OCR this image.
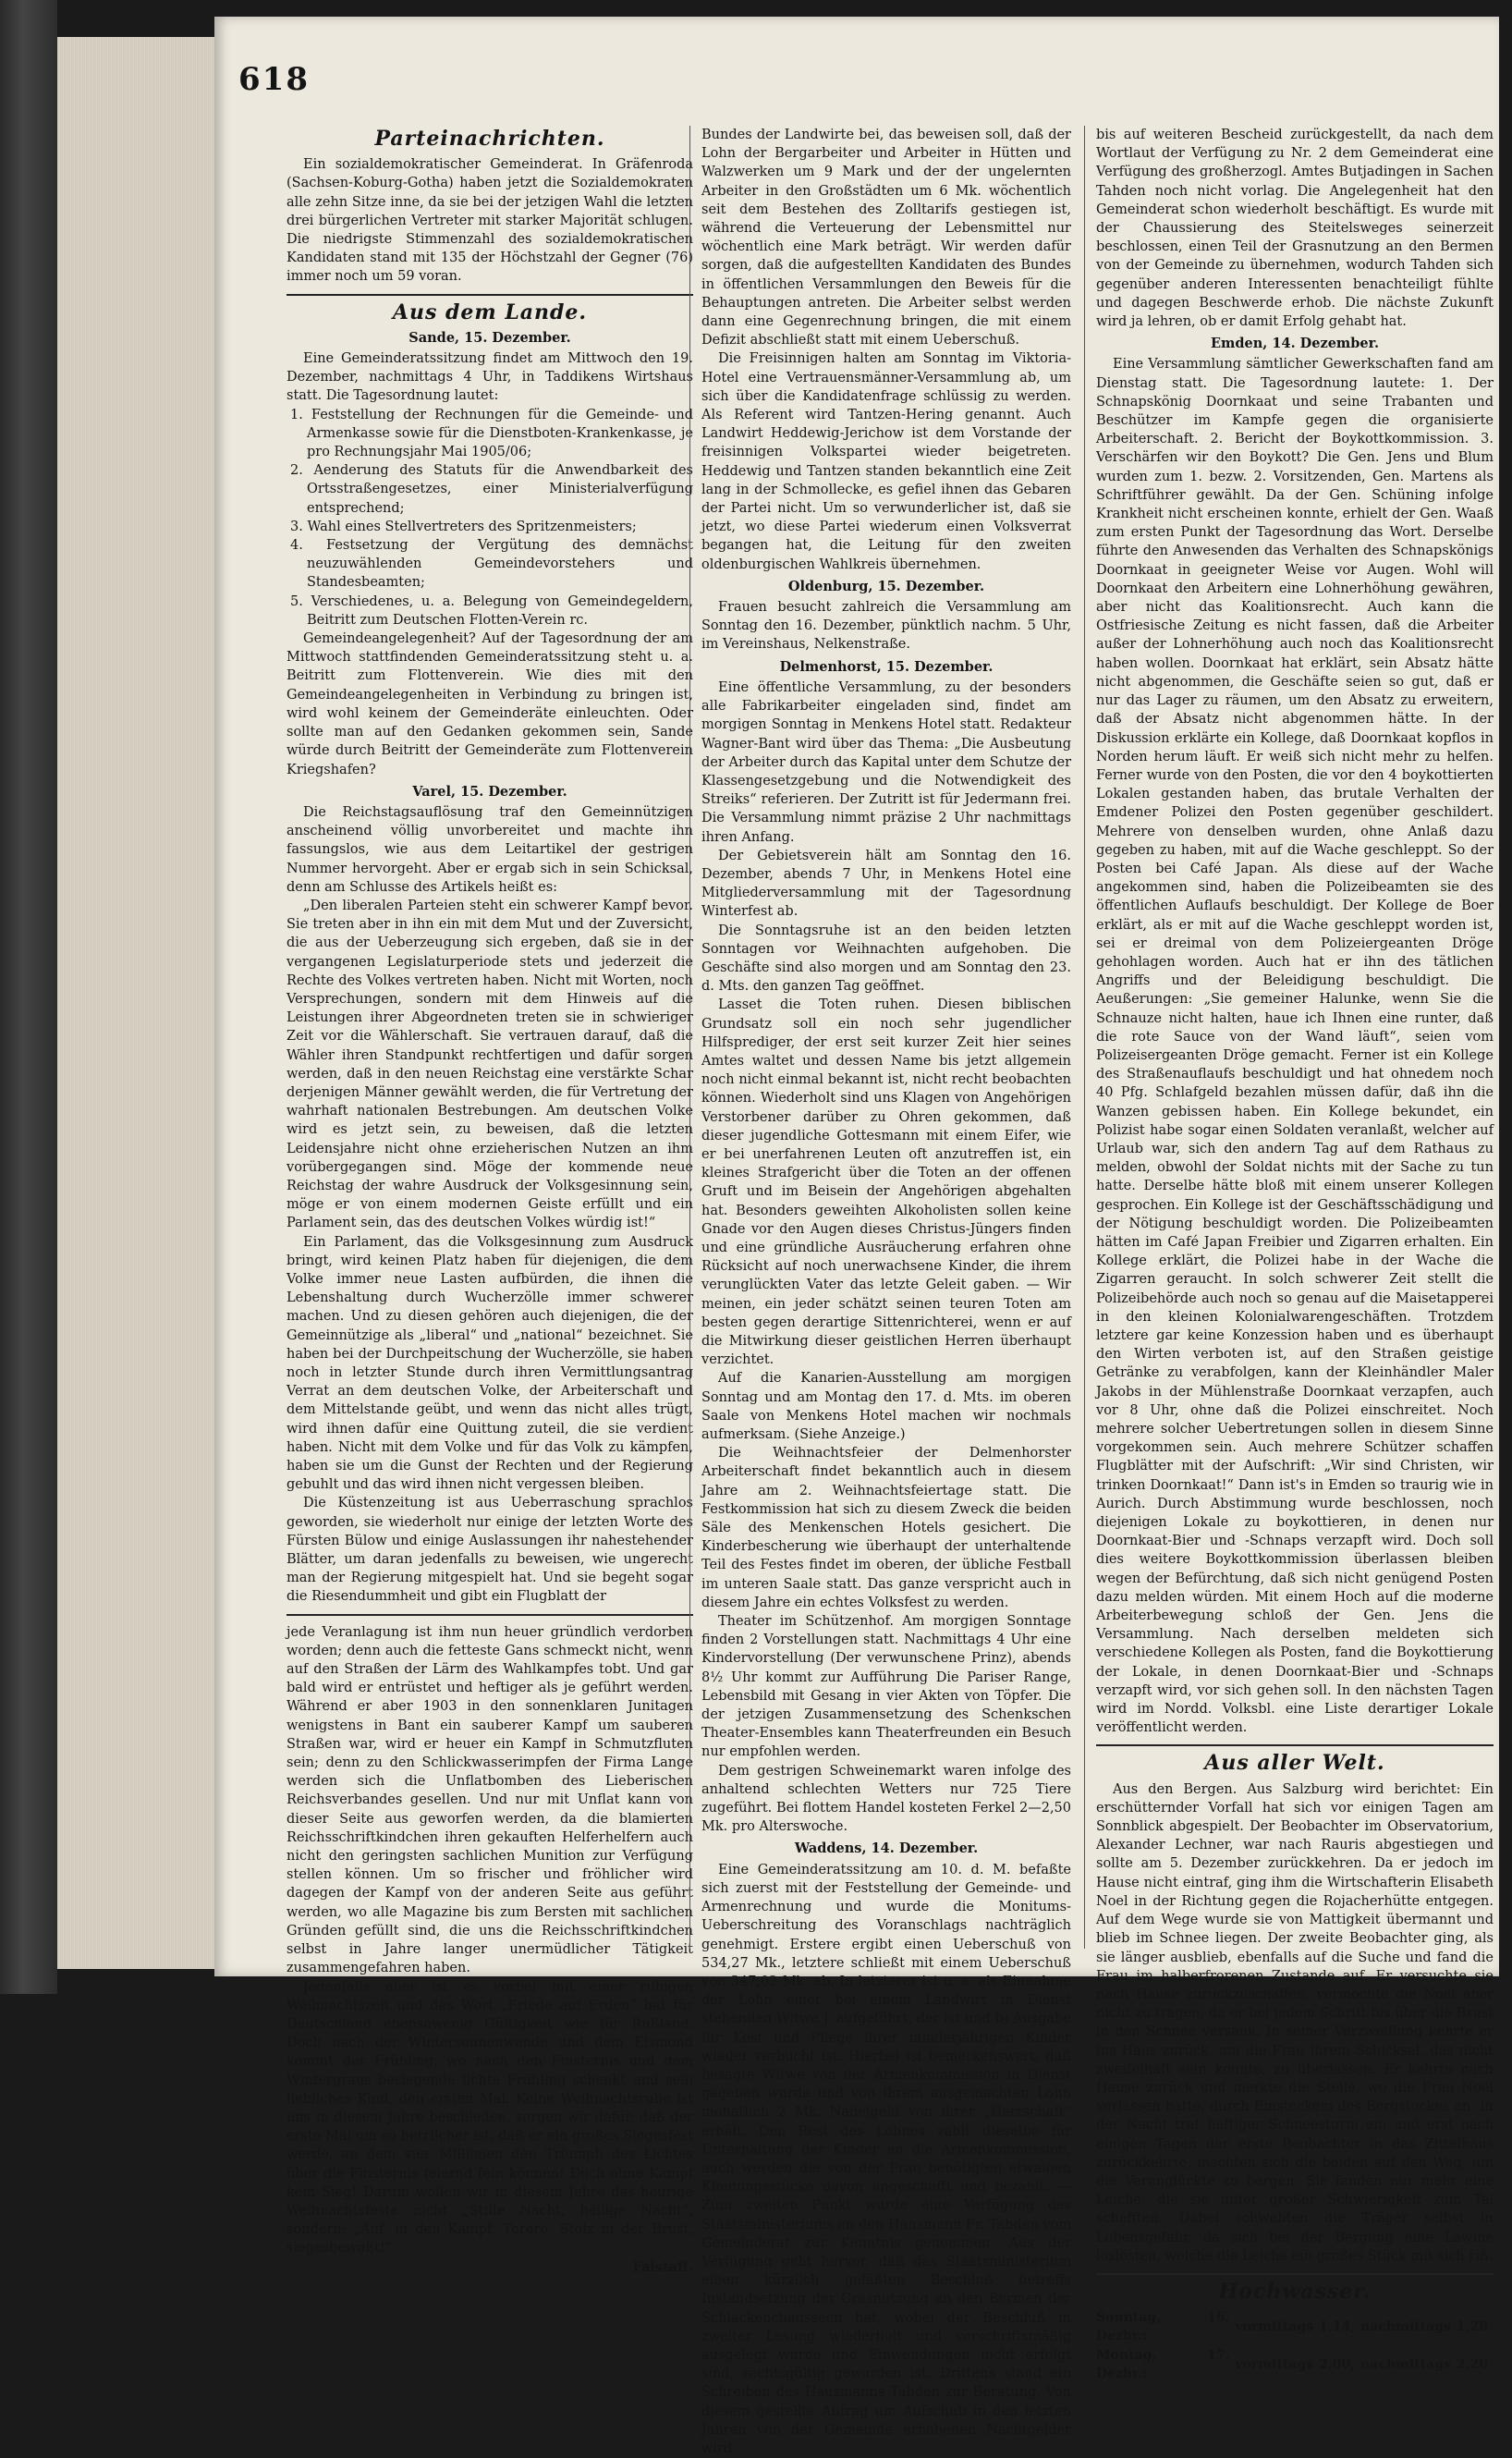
618
Parteinachrichten.

Ein sozialdemokratischer Gemeinderat. In Gräfenroda (Sachsen-Koburg-Gotha) haben jetzt die Sozialdemokraten alle zehn Sitze inne, da sie bei der jetzigen Wahl die letzten drei bürgerlichen Vertreter mit starker Majorität schlugen. Die niedrigste Stimmenzahl des sozialdemokratischen Kandidaten stand mit 135 der Höchstzahl der Gegner (76) immer noch um 59 voran.

Aus dem Lande.
Sande, 15. Dezember.

Eine Gemeinderatssitzung findet am Mittwoch den 19. Dezember, nachmittags 4 Uhr, in Taddikens Wirtshaus statt. Die Tagesordnung lautet:

1. Feststellung der Rechnungen für die Gemeinde- und Armenkasse sowie für die Dienstboten-Krankenkasse, je pro Rechnungsjahr Mai 1905/06;
2. Aenderung des Statuts für die Anwendbarkeit des Ortsstraßengesetzes, einer Ministerialverfügung entsprechend;
3. Wahl eines Stellvertreters des Spritzenmeisters;
4. Festsetzung der Vergütung des demnächst neuzuwählenden Gemeindevorstehers und Standesbeamten;
5. Verschiedenes, u. a. Belegung von Gemeindegeldern, Beitritt zum Deutschen Flotten-Verein rc.

Gemeindeangelegenheit? Auf der Tagesordnung der am Mittwoch stattfindenden Gemeinderatssitzung steht u. a. Beitritt zum Flottenverein. Wie dies mit den Gemeindeangelegenheiten in Verbindung zu bringen ist, wird wohl keinem der Gemeinderäte einleuchten. Oder sollte man auf den Gedanken gekommen sein, Sande würde durch Beitritt der Gemeinderäte zum Flottenverein Kriegshafen?

Varel, 15. Dezember.

Die Reichstagsauflösung traf den Gemeinnützigen anscheinend völlig unvorbereitet und machte ihn fassungslos, wie aus dem Leitartikel der gestrigen Nummer hervorgeht. Aber er ergab sich in sein Schicksal, denn am Schlusse des Artikels heißt es:

„Den liberalen Parteien steht ein schwerer Kampf bevor. Sie treten aber in ihn ein mit dem Mut und der Zuversicht, die aus der Ueberzeugung sich ergeben, daß sie in der vergangenen Legislaturperiode stets und jederzeit die Rechte des Volkes vertreten haben. Nicht mit Worten, noch Versprechungen, sondern mit dem Hinweis auf die Leistungen ihrer Abgeordneten treten sie in schwieriger Zeit vor die Wählerschaft. Sie vertrauen darauf, daß die Wähler ihren Standpunkt rechtfertigen und dafür sorgen werden, daß in den neuen Reichstag eine verstärkte Schar derjenigen Männer gewählt werden, die für Vertretung der wahrhaft nationalen Bestrebungen. Am deutschen Volke wird es jetzt sein, zu beweisen, daß die letzten Leidensjahre nicht ohne erzieherischen Nutzen an ihm vorübergegangen sind. Möge der kommende neue Reichstag der wahre Ausdruck der Volksgesinnung sein, möge er von einem modernen Geiste erfüllt und ein Parlament sein, das des deutschen Volkes würdig ist!“

Ein Parlament, das die Volksgesinnung zum Ausdruck bringt, wird keinen Platz haben für diejenigen, die dem Volke immer neue Lasten aufbürden, die ihnen die Lebenshaltung durch Wucherzölle immer schwerer machen. Und zu diesen gehören auch diejenigen, die der Gemeinnützige als „liberal“ und „national“ bezeichnet. Sie haben bei der Durchpeitschung der Wucherzölle, sie haben noch in letzter Stunde durch ihren Vermittlungsantrag Verrat an dem deutschen Volke, der Arbeiterschaft und dem Mittelstande geübt, und wenn das nicht alles trügt, wird ihnen dafür eine Quittung zuteil, die sie verdient haben. Nicht mit dem Volke und für das Volk zu kämpfen, haben sie um die Gunst der Rechten und der Regierung gebuhlt und das wird ihnen nicht vergessen bleiben.

Die Küstenzeitung ist aus Ueberraschung sprachlos geworden, sie wiederholt nur einige der letzten Worte des Fürsten Bülow und einige Auslassungen ihr nahestehender Blätter, um daran jedenfalls zu beweisen, wie ungerecht man der Regierung mitgespielt hat. Und sie begeht sogar die Riesendummheit und gibt ein Flugblatt der

jede Veranlagung ist ihm nun heuer gründlich verdorben worden; denn auch die fetteste Gans schmeckt nicht, wenn auf den Straßen der Lärm des Wahlkampfes tobt. Und gar bald wird er entrüstet und heftiger als je geführt werden. Während er aber 1903 in den sonnenklaren Junitagen wenigstens in Bant ein sauberer Kampf um sauberen Straßen war, wird er heuer ein Kampf in Schmutzfluten sein; denn zu den Schlickwasserimpfen der Firma Lange werden sich die Unflatbomben des Lieberischen Reichsverbandes gesellen. Und nur mit Unflat kann von dieser Seite aus geworfen werden, da die blamierten Reichsschriftkindchen ihren gekauften Helferhelfern auch nicht den geringsten sachlichen Munition zur Verfügung stellen können. Um so frischer und fröhlicher wird dagegen der Kampf von der anderen Seite aus geführt werden, wo alle Magazine bis zum Bersten mit sachlichen Gründen gefüllt sind, die uns die Reichsschriftkindchen selbst in Jahre langer unermüdlicher Tätigkeit zusammengefahren haben.

Jedenfalls aber ist es vorbei mit einer ruhigen Weihnachtszeit und das Wort „Friede auf Erden“ hat für Deutschland ebensowenig Gültigkeit wie für Rußland. Doch nach der Wintersonnenwende und dem Eismond kommt der Frühling, wo nach den Finsternis und dem Wintergraus besiegende lichte Frühling schenkt und sein liebliches Kind, den ersten Mai. Keine Weihnachtsruhe ist uns in diesem Jahre beschieden, sorgen wir dafür, daß der erste Mai um so herrlicher ist, daß er ein großes Siegesfest werde, an dem vier Millionen den Triumph des Lichtes über die Finsternis feiernd fein können! Doch ohne Kampf kein Sieg! Darum wollen wir in diesem Jahre das heurige Weihnachtsfeste nicht „Stille Nacht, heilige Nacht“, sondern: „Auf, in den Kampf, Torero, Stolz in der Brust, siegesbewußt!“

Falstaff.

Bundes der Landwirte bei, das beweisen soll, daß der Lohn der Bergarbeiter und Arbeiter in Hütten und Walzwerken um 9 Mark und der der ungelernten Arbeiter in den Großstädten um 6 Mk. wöchentlich seit dem Bestehen des Zolltarifs gestiegen ist, während die Verteuerung der Lebensmittel nur wöchentlich eine Mark beträgt. Wir werden dafür sorgen, daß die aufgestellten Kandidaten des Bundes in öffentlichen Versammlungen den Beweis für die Behauptungen antreten. Die Arbeiter selbst werden dann eine Gegenrechnung bringen, die mit einem Defizit abschließt statt mit einem Ueberschuß.

Die Freisinnigen halten am Sonntag im Viktoria-Hotel eine Vertrauensmänner-Versammlung ab, um sich über die Kandidatenfrage schlüssig zu werden. Als Referent wird Tantzen-Hering genannt. Auch Landwirt Heddewig-Jerichow ist dem Vorstande der freisinnigen Volkspartei wieder beigetreten. Heddewig und Tantzen standen bekanntlich eine Zeit lang in der Schmollecke, es gefiel ihnen das Gebaren der Partei nicht. Um so verwunderlicher ist, daß sie jetzt, wo diese Partei wiederum einen Volksverrat begangen hat, die Leitung für den zweiten oldenburgischen Wahlkreis übernehmen.

Oldenburg, 15. Dezember.

Frauen besucht zahlreich die Versammlung am Sonntag den 16. Dezember, pünktlich nachm. 5 Uhr, im Vereinshaus, Nelkenstraße.

Delmenhorst, 15. Dezember.

Eine öffentliche Versammlung, zu der besonders alle Fabrikarbeiter eingeladen sind, findet am morgigen Sonntag in Menkens Hotel statt. Redakteur Wagner-Bant wird über das Thema: „Die Ausbeutung der Arbeiter durch das Kapital unter dem Schutze der Klassengesetzgebung und die Notwendigkeit des Streiks“ referieren. Der Zutritt ist für Jedermann frei. Die Versammlung nimmt präzise 2 Uhr nachmittags ihren Anfang.

Der Gebietsverein hält am Sonntag den 16. Dezember, abends 7 Uhr, in Menkens Hotel eine Mitgliederversammlung mit der Tagesordnung Winterfest ab.

Die Sonntagsruhe ist an den beiden letzten Sonntagen vor Weihnachten aufgehoben. Die Geschäfte sind also morgen und am Sonntag den 23. d. Mts. den ganzen Tag geöffnet.

Lasset die Toten ruhen. Diesen biblischen Grundsatz soll ein noch sehr jugendlicher Hilfsprediger, der erst seit kurzer Zeit hier seines Amtes waltet und dessen Name bis jetzt allgemein noch nicht einmal bekannt ist, nicht recht beobachten können. Wiederholt sind uns Klagen von Angehörigen Verstorbener darüber zu Ohren gekommen, daß dieser jugendliche Gottesmann mit einem Eifer, wie er bei unerfahrenen Leuten oft anzutreffen ist, ein kleines Strafgericht über die Toten an der offenen Gruft und im Beisein der Angehörigen abgehalten hat. Besonders geweihten Alkoholisten sollen keine Gnade vor den Augen dieses Christus-Jüngers finden und eine gründliche Ausräucherung erfahren ohne Rücksicht auf noch unerwachsene Kinder, die ihrem verunglückten Vater das letzte Geleit gaben. — Wir meinen, ein jeder schätzt seinen teuren Toten am besten gegen derartige Sittenrichterei, wenn er auf die Mitwirkung dieser geistlichen Herren überhaupt verzichtet.

Auf die Kanarien-Ausstellung am morgigen Sonntag und am Montag den 17. d. Mts. im oberen Saale von Menkens Hotel machen wir nochmals aufmerksam. (Siehe Anzeige.)

Die Weihnachtsfeier der Delmenhorster Arbeiterschaft findet bekanntlich auch in diesem Jahre am 2. Weihnachtsfeiertage statt. Die Festkommission hat sich zu diesem Zweck die beiden Säle des Menkenschen Hotels gesichert. Die Kinderbescherung wie überhaupt der unterhaltende Teil des Festes findet im oberen, der übliche Festball im unteren Saale statt. Das ganze verspricht auch in diesem Jahre ein echtes Volksfest zu werden.

Theater im Schützenhof. Am morgigen Sonntage finden 2 Vorstellungen statt. Nachmittags 4 Uhr eine Kindervorstellung (Der verwunschene Prinz), abends 8½ Uhr kommt zur Aufführung Die Pariser Range, Lebensbild mit Gesang in vier Akten von Töpfer. Die der jetzigen Zusammensetzung des Schenkschen Theater-Ensembles kann Theaterfreunden ein Besuch nur empfohlen werden.

Dem gestrigen Schweinemarkt waren infolge des anhaltend schlechten Wetters nur 725 Tiere zugeführt. Bei flottem Handel kosteten Ferkel 2—2,50 Mk. pro Alterswoche.

Waddens, 14. Dezember.

Eine Gemeinderatssitzung am 10. d. M. befaßte sich zuerst mit der Feststellung der Gemeinde- und Armenrechnung und wurde die Monitums-Ueberschreitung des Voranschlags nachträglich genehmigt. Erstere ergibt einen Ueberschuß von 534,27 Mk., letztere schließt mit einem Ueberschuß von 347,02 Mk. ab. In letzterer ist u. a. als Einnahme der Lohn einer bei einem Landwirt in Dienst stehenden Witwe J. aufgeführt, der ist und b) Ausgabe für Kost und Pflege ihrer minderjährigen Kinder wieder verbucht ist. Hierbei ist bemerkenswert, daß besagte Witwe von der Armenkommission in Dienst gegeben wurde und von ihrem ausgemachten Lohn monatlich 2 Mk. Nadelgeld von ihrer „Herrschaft“ erhält. Den Rest des Lohnes zahlt dieselbe für Unterhaltung der Kinder an die Armenkommission, auch werden die von der Frau benötigten etwaigen Kleidungsstücke davon angeschafft und bezahlt. — Zum zweiten Punkt wurde eine Verfügung des Staatsministeriums an den Hausmann Fr. Tahden vom Gemeinderat zur Kenntnis genommen. Aus der Verfügung geht hervor, daß das Staatsministerium einen kürzlich gefaßten Beschluß betreffs Instandsetzung der Grasnutzung an den Bermen der Schlackenchausseen hat, wobei der Beschluß in zweiter Lesung wiederholt und vorschriftsmäßig ausgelegt wurde und Einwendungen nicht erfolgt sind, rechtsgültig geworden ist. Drittens stand ein Schreiben des Hausmanns Tahden zur Beratung. Von diesem gestellte Antrag um Aufschub in den letzten Jahren von der Gemeinde erhobenen Nachtgelder wird

bis auf weiteren Bescheid zurückgestellt, da nach dem Wortlaut der Verfügung zu Nr. 2 dem Gemeinderat eine Verfügung des großherzogl. Amtes Butjadingen in Sachen Tahden noch nicht vorlag. Die Angelegenheit hat den Gemeinderat schon wiederholt beschäftigt. Es wurde mit der Chaussierung des Steitelsweges seinerzeit beschlossen, einen Teil der Grasnutzung an den Bermen von der Gemeinde zu übernehmen, wodurch Tahden sich gegenüber anderen Interessenten benachteiligt fühlte und dagegen Beschwerde erhob. Die nächste Zukunft wird ja lehren, ob er damit Erfolg gehabt hat.

Emden, 14. Dezember.

Eine Versammlung sämtlicher Gewerkschaften fand am Dienstag statt. Die Tagesordnung lautete: 1. Der Schnapskönig Doornkaat und seine Trabanten und Beschützer im Kampfe gegen die organisierte Arbeiterschaft. 2. Bericht der Boykottkommission. 3. Verschärfen wir den Boykott? Die Gen. Jens und Blum wurden zum 1. bezw. 2. Vorsitzenden, Gen. Martens als Schriftführer gewählt. Da der Gen. Schüning infolge Krankheit nicht erscheinen konnte, erhielt der Gen. Waaß zum ersten Punkt der Tagesordnung das Wort. Derselbe führte den Anwesenden das Verhalten des Schnapskönigs Doornkaat in geeigneter Weise vor Augen. Wohl will Doornkaat den Arbeitern eine Lohnerhöhung gewähren, aber nicht das Koalitionsrecht. Auch kann die Ostfriesische Zeitung es nicht fassen, daß die Arbeiter außer der Lohnerhöhung auch noch das Koalitionsrecht haben wollen. Doornkaat hat erklärt, sein Absatz hätte nicht abgenommen, die Geschäfte seien so gut, daß er nur das Lager zu räumen, um den Absatz zu erweitern, daß der Absatz nicht abgenommen hätte. In der Diskussion erklärte ein Kollege, daß Doornkaat kopflos in Norden herum läuft. Er weiß sich nicht mehr zu helfen. Ferner wurde von den Posten, die vor den 4 boykottierten Lokalen gestanden haben, das brutale Verhalten der Emdener Polizei den Posten gegenüber geschildert. Mehrere von denselben wurden, ohne Anlaß dazu gegeben zu haben, mit auf die Wache geschleppt. So der Posten bei Café Japan. Als diese auf der Wache angekommen sind, haben die Polizeibeamten sie des öffentlichen Auflaufs beschuldigt. Der Kollege de Boer erklärt, als er mit auf die Wache geschleppt worden ist, sei er dreimal von dem Polizeiergeanten Dröge gehohlagen worden. Auch hat er ihn des tätlichen Angriffs und der Beleidigung beschuldigt. Die Aeußerungen: „Sie gemeiner Halunke, wenn Sie die Schnauze nicht halten, haue ich Ihnen eine runter, daß die rote Sauce von der Wand läuft“, seien vom Polizeisergeanten Dröge gemacht. Ferner ist ein Kollege des Straßenauflaufs beschuldigt und hat ohnedem noch 40 Pfg. Schlafgeld bezahlen müssen dafür, daß ihn die Wanzen gebissen haben. Ein Kollege bekundet, ein Polizist habe sogar einen Soldaten veranlaßt, welcher auf Urlaub war, sich den andern Tag auf dem Rathaus zu melden, obwohl der Soldat nichts mit der Sache zu tun hatte. Derselbe hätte bloß mit einem unserer Kollegen gesprochen. Ein Kollege ist der Geschäftsschädigung und der Nötigung beschuldigt worden. Die Polizeibeamten hätten im Café Japan Freibier und Zigarren erhalten. Ein Kollege erklärt, die Polizei habe in der Wache die Zigarren geraucht. In solch schwerer Zeit stellt die Polizeibehörde auch noch so genau auf die Maisetapperei in den kleinen Kolonialwarengeschäften. Trotzdem letztere gar keine Konzession haben und es überhaupt den Wirten verboten ist, auf den Straßen geistige Getränke zu verabfolgen, kann der Kleinhändler Maler Jakobs in der Mühlenstraße Doornkaat verzapfen, auch vor 8 Uhr, ohne daß die Polizei einschreitet. Noch mehrere solcher Uebertretungen sollen in diesem Sinne vorgekommen sein. Auch mehrere Schützer schaffen Flugblätter mit der Aufschrift: „Wir sind Christen, wir trinken Doornkaat!“ Dann ist's in Emden so traurig wie in Aurich. Durch Abstimmung wurde beschlossen, noch diejenigen Lokale zu boykottieren, in denen nur Doornkaat-Bier und -Schnaps verzapft wird. Doch soll dies weitere Boykottkommission überlassen bleiben wegen der Befürchtung, daß sich nicht genügend Posten dazu melden würden. Mit einem Hoch auf die moderne Arbeiterbewegung schloß der Gen. Jens die Versammlung. Nach derselben meldeten sich verschiedene Kollegen als Posten, fand die Boykottierung der Lokale, in denen Doornkaat-Bier und -Schnaps verzapft wird, vor sich gehen soll. In den nächsten Tagen wird im Nordd. Volksbl. eine Liste derartiger Lokale veröffentlicht werden.

Aus aller Welt.

Aus den Bergen. Aus Salzburg wird berichtet: Ein erschütternder Vorfall hat sich vor einigen Tagen am Sonnblick abgespielt. Der Beobachter im Observatorium, Alexander Lechner, war nach Rauris abgestiegen und sollte am 5. Dezember zurückkehren. Da er jedoch im Hause nicht eintraf, ging ihm die Wirtschafterin Elisabeth Noel in der Richtung gegen die Rojacherhütte entgegen. Auf dem Wege wurde sie von Mattigkeit übermannt und blieb im Schnee liegen. Der zweite Beobachter ging, als sie länger ausblieb, ebenfalls auf die Suche und fand die Frau im halberfrorenen Zustande auf. Er versuchte sie nach Hause zurückzuschaffen, vermochte die Noel aber nicht zu tragen, da er bei jedem Schritt bis über die Brust in den Schnee versank. In seiner Verzweiflung kehrte er ins Haus zurück, um die Frau ihrem Schicksal, das nicht zweifelhaft sein konnte, zu überlassen. Er kehrte nach Hause zurück und merkte die Stelle, wo die Frau Noel verlassen hatte, durch Einsteckem des Bergstockes an. In der Nacht trat heftiger Schneesturm ein und erst nach einigen Tagen der erste Beobachter in das Zittelhaus zurückkehrte, machten sich die beiden auf den Weg, um die Verunglückte zu bergen. Sie fanden nur mehr eine Leiche, die sie unter großer Schwierigkeit zum Tal schafften. Dabei schwebten die Träger selbst in Lebensgefahr, da sich bei der Bergung eine Lawine loslösten, welche die Leiche ein großes Stück mit sich riß.

Hochwasser.
Sonntag, 16. Dezbr.:	vormittags	1,14,	nachmittags	1,28
Montag, 17. Dezbr.:	vormittags	2,00,	nachmittags	2,20
